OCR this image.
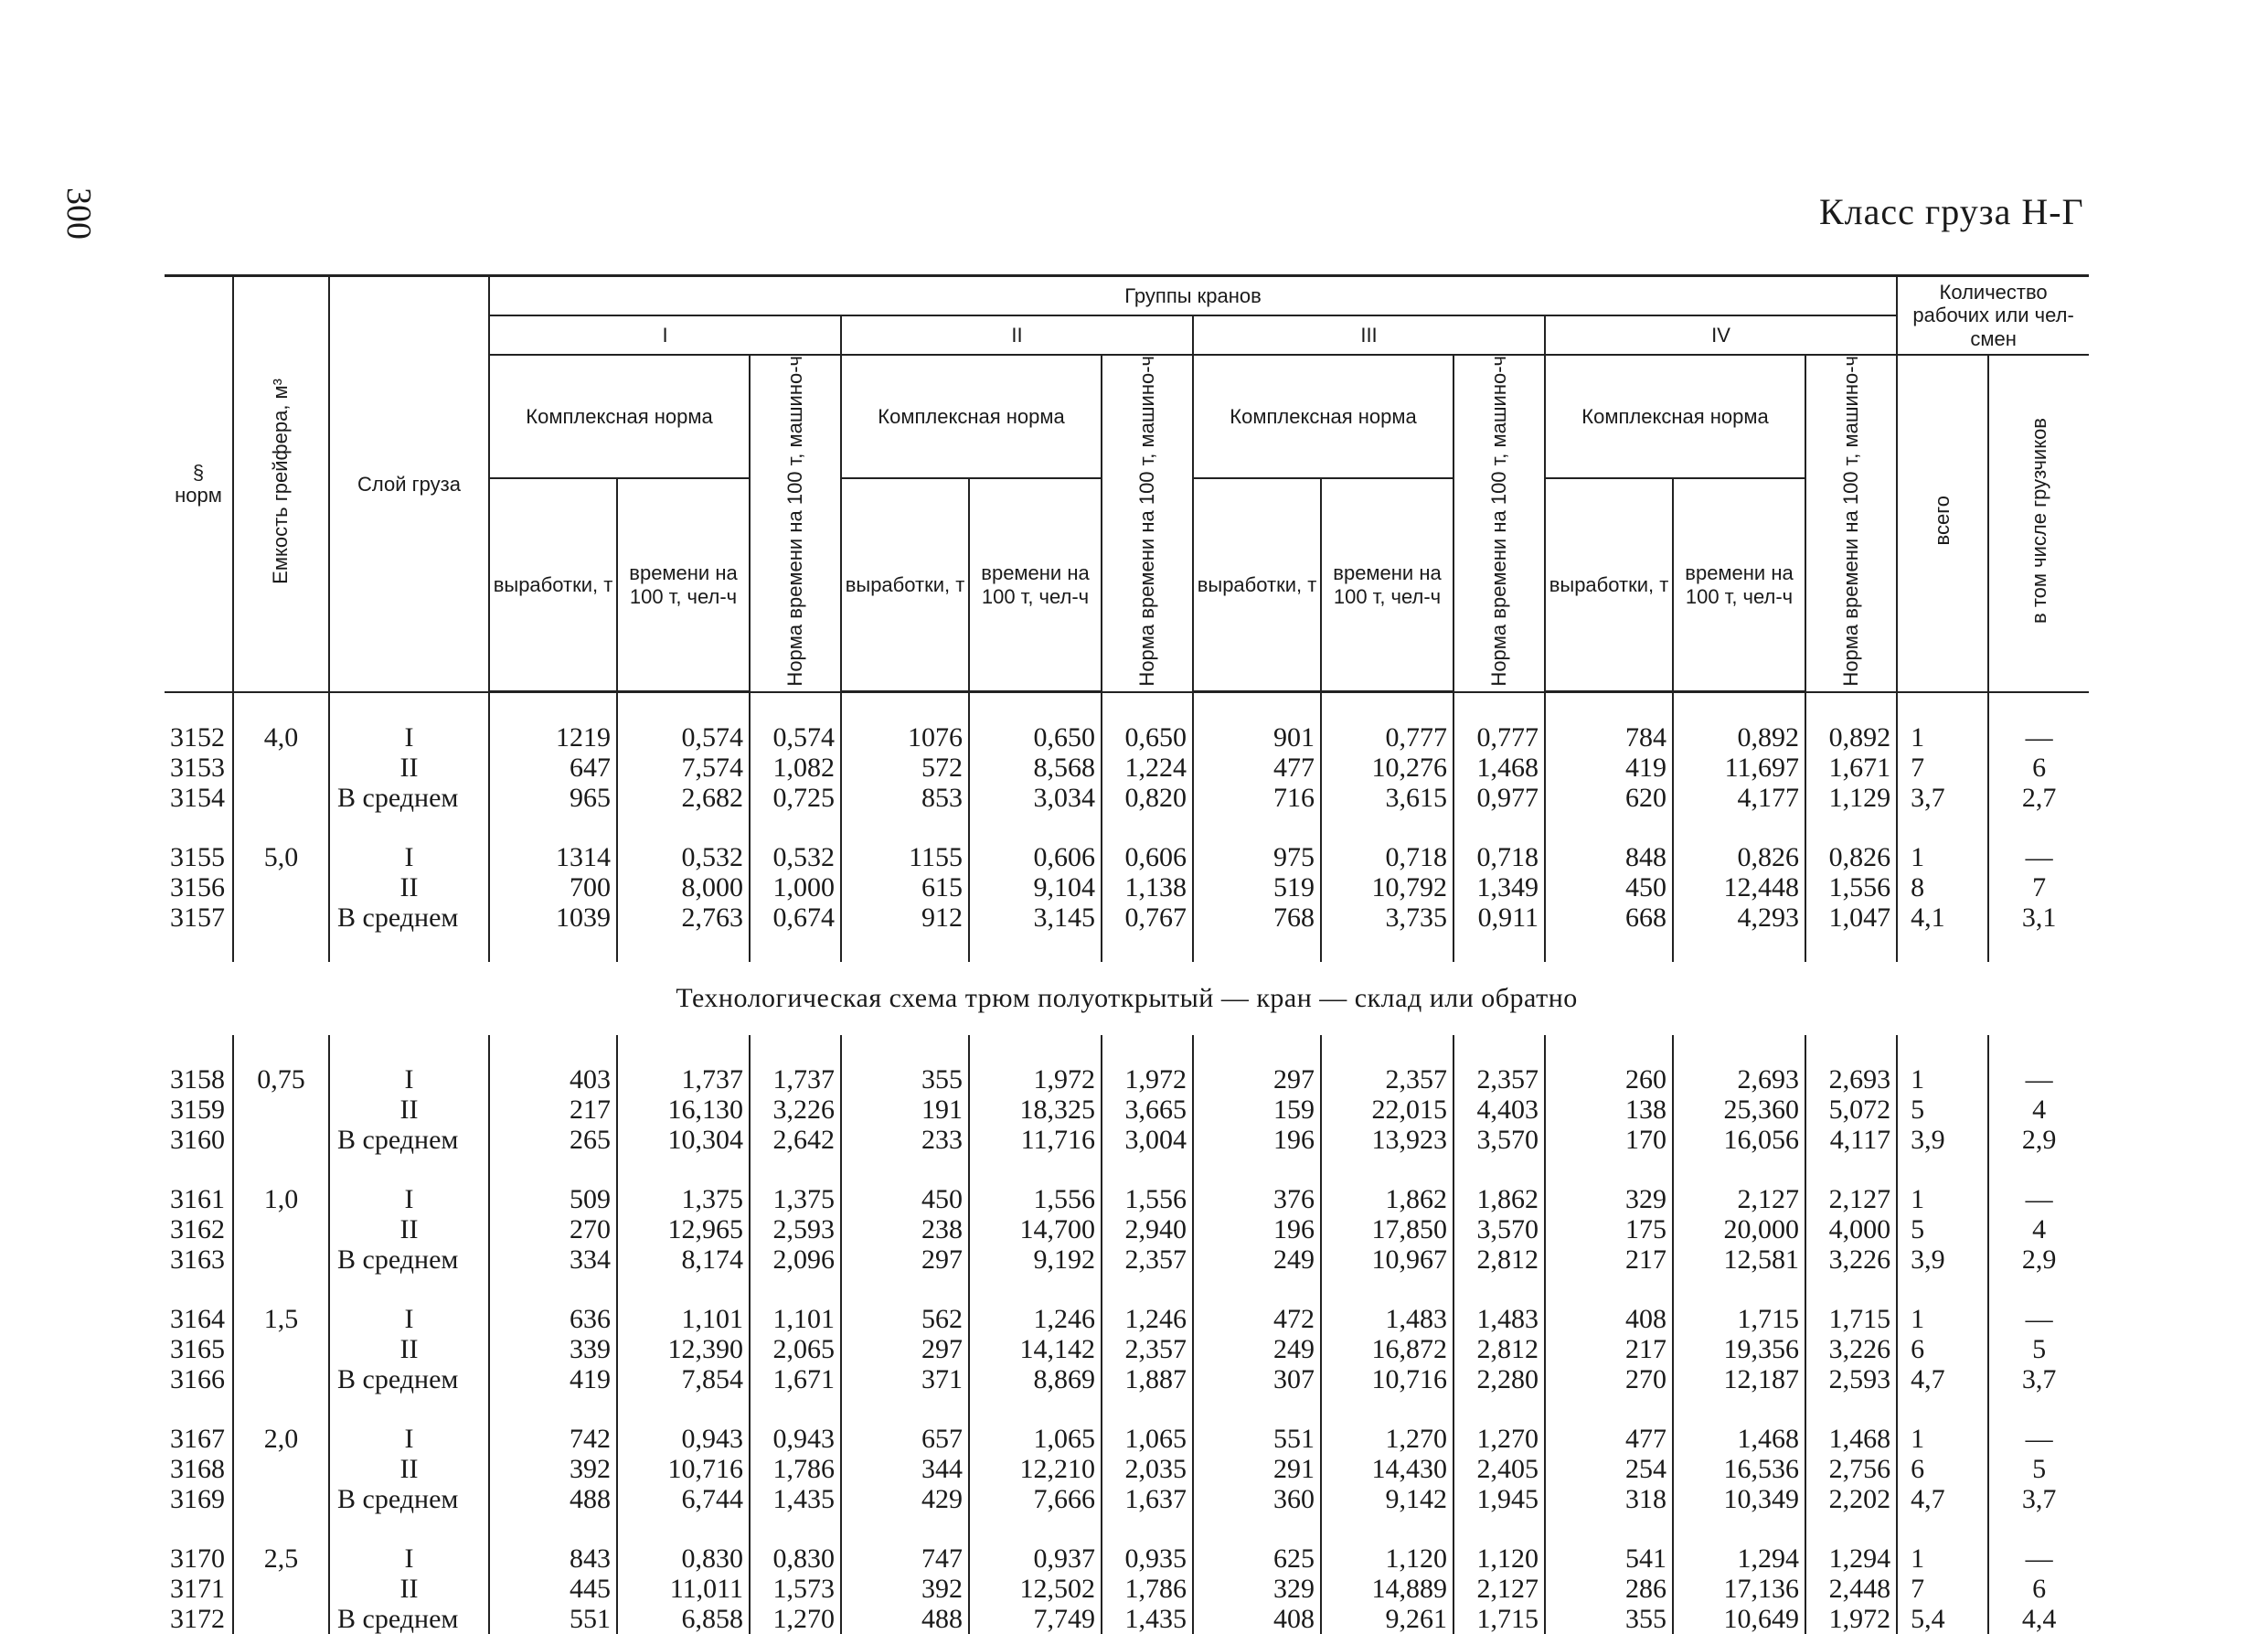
300	Класс груза Н-Г
§ норм	Емкость грейфера, м³	Слой груза	Группы кранов												Количество рабочих или чел-смен	
			I			II			III			IV				
			Комплексная норма		Норма времени на 100 т, машино-ч	Комплексная норма		Норма времени на 100 т, машино-ч	Комплексная норма		Норма времени на 100 т, машино-ч	Комплексная норма		Норма времени на 100 т, машино-ч	всего	в том числе грузчиков
			выработки, т	времени на 100 т, чел-ч		выработки, т	времени на 100 т, чел-ч		выработки, т	времени на 100 т, чел-ч		выработки, т	времени на 100 т, чел-ч			

3152	4,0	I	1219	0,574	0,574	1076	0,650	0,650	901	0,777	0,777	784	0,892	0,892	1	—
3153		II	647	7,574	1,082	572	8,568	1,224	477	10,276	1,468	419	11,697	1,671	7	6
3154		В среднем	965	2,682	0,725	853	3,034	0,820	716	3,615	0,977	620	4,177	1,129	3,7	2,7

3155	5,0	I	1314	0,532	0,532	1155	0,606	0,606	975	0,718	0,718	848	0,826	0,826	1	—
3156		II	700	8,000	1,000	615	9,104	1,138	519	10,792	1,349	450	12,448	1,556	8	7
3157		В среднем	1039	2,763	0,674	912	3,145	0,767	768	3,735	0,911	668	4,293	1,047	4,1	3,1

Технологическая схема трюм полуоткрытый — кран — склад или обратно																

3158	0,75	I	403	1,737	1,737	355	1,972	1,972	297	2,357	2,357	260	2,693	2,693	1	—
3159		II	217	16,130	3,226	191	18,325	3,665	159	22,015	4,403	138	25,360	5,072	5	4
3160		В среднем	265	10,304	2,642	233	11,716	3,004	196	13,923	3,570	170	16,056	4,117	3,9	2,9

3161	1,0	I	509	1,375	1,375	450	1,556	1,556	376	1,862	1,862	329	2,127	2,127	1	—
3162		II	270	12,965	2,593	238	14,700	2,940	196	17,850	3,570	175	20,000	4,000	5	4
3163		В среднем	334	8,174	2,096	297	9,192	2,357	249	10,967	2,812	217	12,581	3,226	3,9	2,9

3164	1,5	I	636	1,101	1,101	562	1,246	1,246	472	1,483	1,483	408	1,715	1,715	1	—
3165		II	339	12,390	2,065	297	14,142	2,357	249	16,872	2,812	217	19,356	3,226	6	5
3166		В среднем	419	7,854	1,671	371	8,869	1,887	307	10,716	2,280	270	12,187	2,593	4,7	3,7

3167	2,0	I	742	0,943	0,943	657	1,065	1,065	551	1,270	1,270	477	1,468	1,468	1	—
3168		II	392	10,716	1,786	344	12,210	2,035	291	14,430	2,405	254	16,536	2,756	6	5
3169		В среднем	488	6,744	1,435	429	7,666	1,637	360	9,142	1,945	318	10,349	2,202	4,7	3,7

3170	2,5	I	843	0,830	0,830	747	0,937	0,935	625	1,120	1,120	541	1,294	1,294	1	—
3171		II	445	11,011	1,573	392	12,502	1,786	329	14,889	2,127	286	17,136	2,448	7	6
3172		В среднем	551	6,858	1,270	488	7,749	1,435	408	9,261	1,715	355	10,649	1,972	5,4	4,4
